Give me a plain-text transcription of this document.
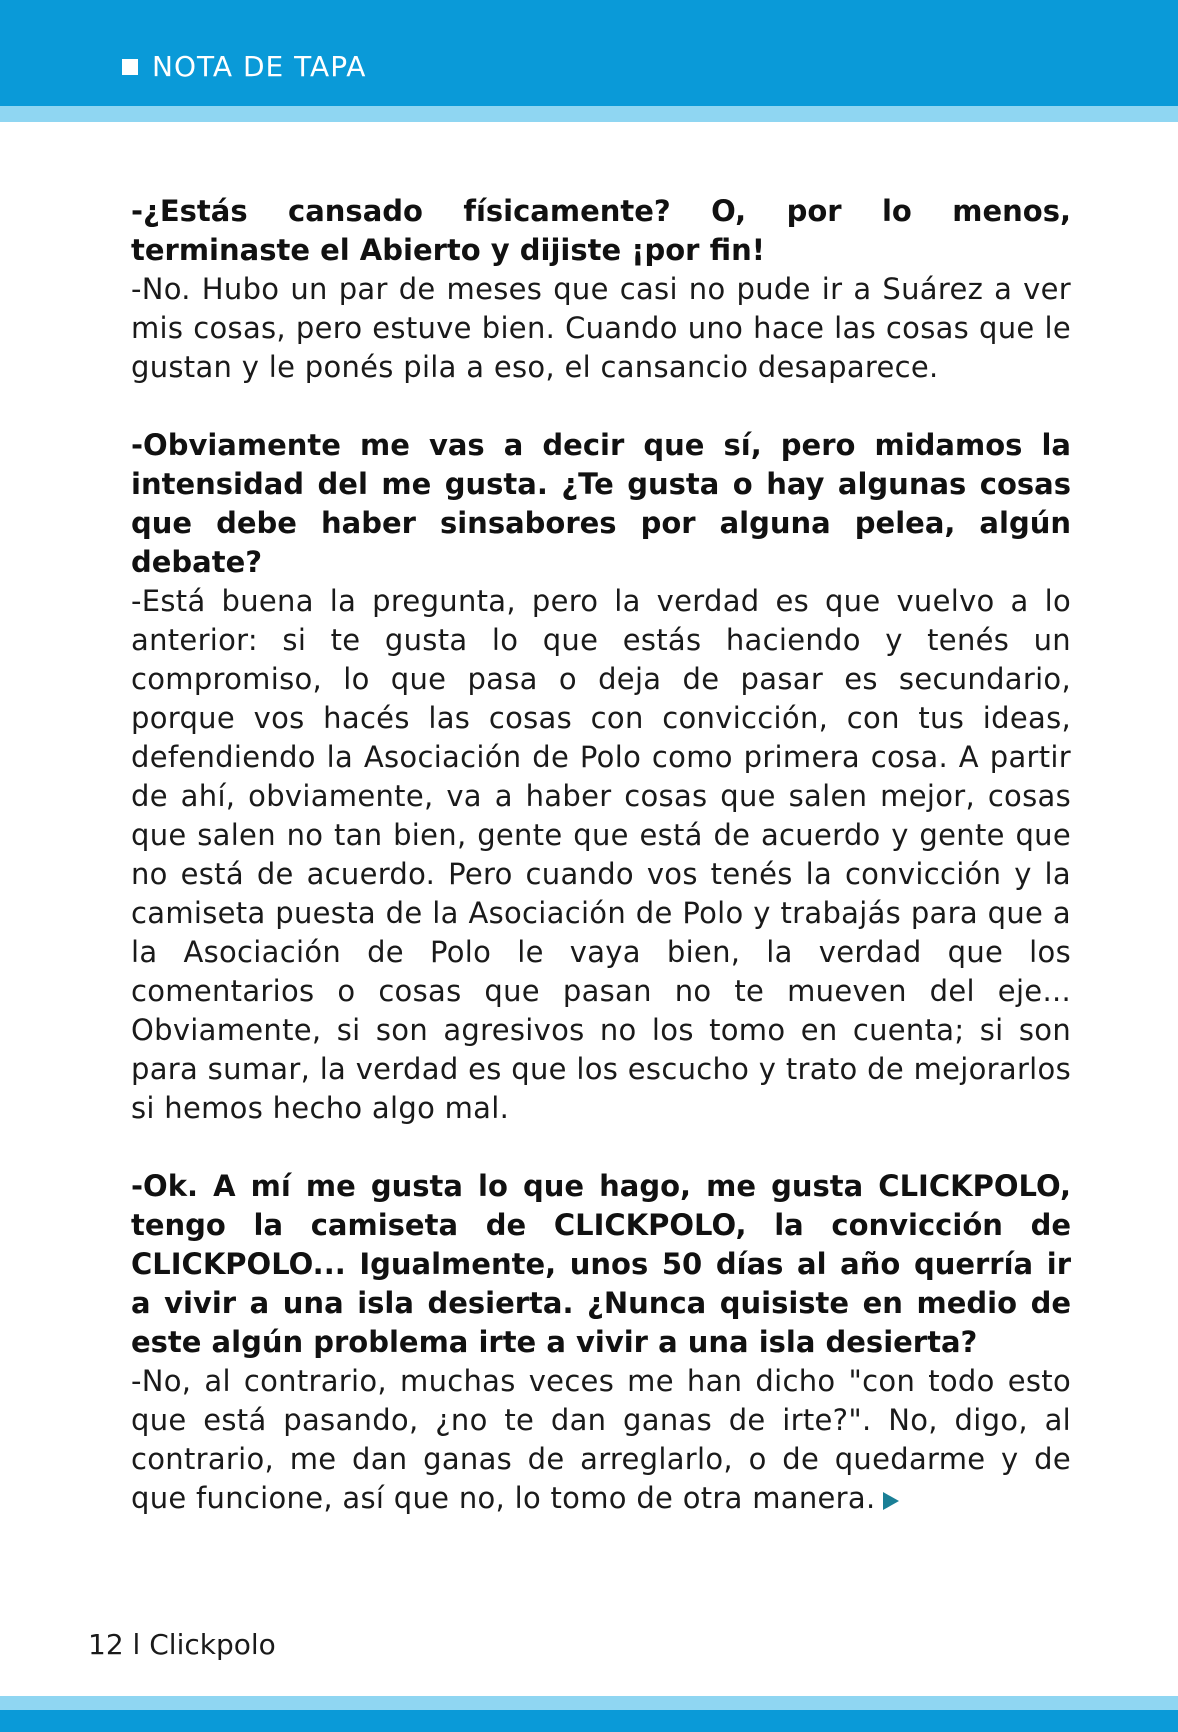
NOTA DE TAPA

-¿Estás cansado físicamente? O, por lo menos, terminaste el Abierto y dijiste ¡por fin!

-No. Hubo un par de meses que casi no pude ir a Suárez a ver mis cosas, pero estuve bien. Cuando uno hace las cosas que le gustan y le ponés pila a eso, el cansancio desaparece.

-Obviamente me vas a decir que sí, pero midamos la intensidad del me gusta. ¿Te gusta o hay algunas cosas que debe haber sinsabores por alguna pelea, algún debate?

-Está buena la pregunta, pero la verdad es que vuelvo a lo anterior: si te gusta lo que estás haciendo y tenés un compromiso, lo que pasa o deja de pasar es secundario, porque vos hacés las cosas con convicción, con tus ideas, defendiendo la Asociación de Polo como primera cosa. A partir de ahí, obviamente, va a haber cosas que salen mejor, cosas que salen no tan bien, gente que está de acuerdo y gente que no está de acuerdo. Pero cuando vos tenés la convicción y la camiseta puesta de la Asociación de Polo y trabajás para que a la Asociación de Polo le vaya bien, la verdad que los comentarios o cosas que pasan no te mueven del eje... Obviamente, si son agresivos no los tomo en cuenta; si son para sumar, la verdad es que los escucho y trato de mejorarlos si hemos hecho algo mal.

-Ok. A mí me gusta lo que hago, me gusta CLICKPOLO, tengo la camiseta de CLICKPOLO, la convicción de CLICKPOLO... Igualmente, unos 50 días al año querría ir a vivir a una isla desierta. ¿Nunca quisiste en medio de este algún problema irte a vivir a una isla desierta?

-No, al contrario, muchas veces me han dicho "con todo esto que está pasando, ¿no te dan ganas de irte?". No, digo, al contrario, me dan ganas de arreglarlo, o de quedarme y de que funcione, así que no, lo tomo de otra manera.

12 l Clickpolo
